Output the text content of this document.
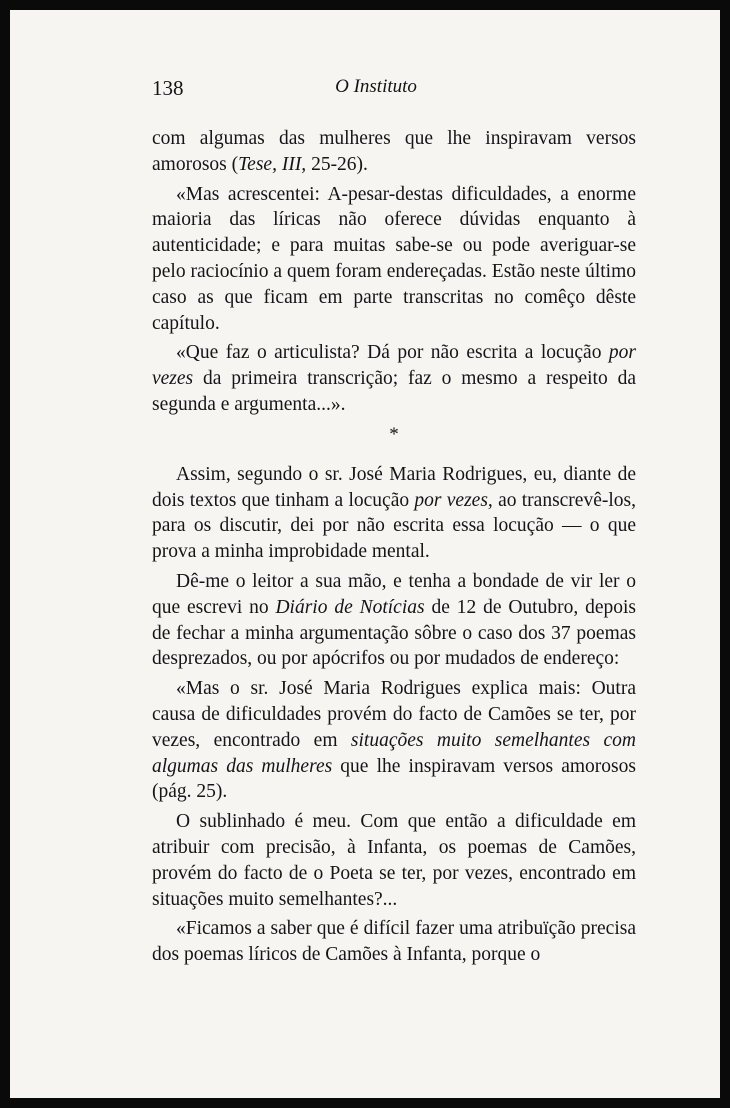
138	O Instituto

com algumas das mulheres que lhe inspiravam versos amorosos (Tese, III, 25-26).

«Mas acrescentei: A-pesar-destas dificuldades, a enorme maioria das líricas não oferece dúvidas enquanto à autenticidade; e para muitas sabe-se ou pode averiguar-se pelo raciocínio a quem foram endereçadas. Estão neste último caso as que ficam em parte transcritas no comêço dêste capítulo.

«Que faz o articulista? Dá por não escrita a locução por vezes da primeira transcrição; faz o mesmo a respeito da segunda e argumenta...».

*

Assim, segundo o sr. José Maria Rodrigues, eu, diante de dois textos que tinham a locução por vezes, ao transcrevê-los, para os discutir, dei por não escrita essa locução — o que prova a minha improbidade mental.

Dê-me o leitor a sua mão, e tenha a bondade de vir ler o que escrevi no Diário de Notícias de 12 de Outubro, depois de fechar a minha argumentação sôbre o caso dos 37 poemas desprezados, ou por apócrifos ou por mudados de endereço:

«Mas o sr. José Maria Rodrigues explica mais: Outra causa de dificuldades provém do facto de Camões se ter, por vezes, encontrado em situações muito semelhantes com algumas das mulheres que lhe inspiravam versos amorosos (pág. 25).

O sublinhado é meu. Com que então a dificuldade em atribuir com precisão, à Infanta, os poemas de Camões, provém do facto de o Poeta se ter, por vezes, encontrado em situações muito semelhantes?...

«Ficamos a saber que é difícil fazer uma atribuïção precisa dos poemas líricos de Camões à Infanta, porque o
